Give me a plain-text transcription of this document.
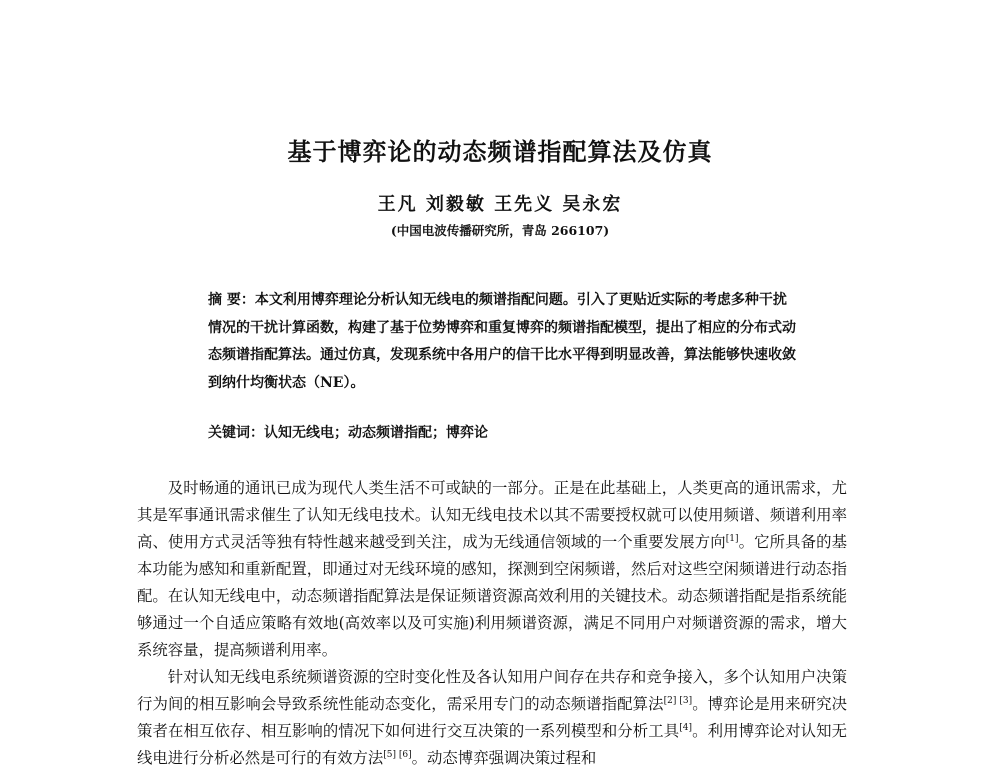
基于博弈论的动态频谱指配算法及仿真
王凡 刘毅敏 王先义 吴永宏
(中国电波传播研究所，青岛 266107)
摘 要：本文利用博弈理论分析认知无线电的频谱指配问题。引入了更贴近实际的考虑多种干扰情况的干扰计算函数，构建了基于位势博弈和重复博弈的频谱指配模型，提出了相应的分布式动态频谱指配算法。通过仿真，发现系统中各用户的信干比水平得到明显改善，算法能够快速收敛到纳什均衡状态（NE）。
关键词：认知无线电；动态频谱指配；博弈论

及时畅通的通讯已成为现代人类生活不可或缺的一部分。正是在此基础上，人类更高的通讯需求，尤其是军事通讯需求催生了认知无线电技术。认知无线电技术以其不需要授权就可以使用频谱、频谱利用率高、使用方式灵活等独有特性越来越受到关注，成为无线通信领域的一个重要发展方向[1]。它所具备的基本功能为感知和重新配置，即通过对无线环境的感知，探测到空闲频谱，然后对这些空闲频谱进行动态指配。在认知无线电中，动态频谱指配算法是保证频谱资源高效利用的关键技术。动态频谱指配是指系统能够通过一个自适应策略有效地(高效率以及可实施)利用频谱资源，满足不同用户对频谱资源的需求，增大系统容量，提高频谱利用率。

针对认知无线电系统频谱资源的空时变化性及各认知用户间存在共存和竞争接入，多个认知用户决策行为间的相互影响会导致系统性能动态变化，需采用专门的动态频谱指配算法[2] [3]。博弈论是用来研究决策者在相互依存、相互影响的情况下如何进行交互决策的一系列模型和分析工具[4]。利用博弈论对认知无线电进行分析必然是可行的有效方法[5] [6]。动态博弈强调决策过程和
